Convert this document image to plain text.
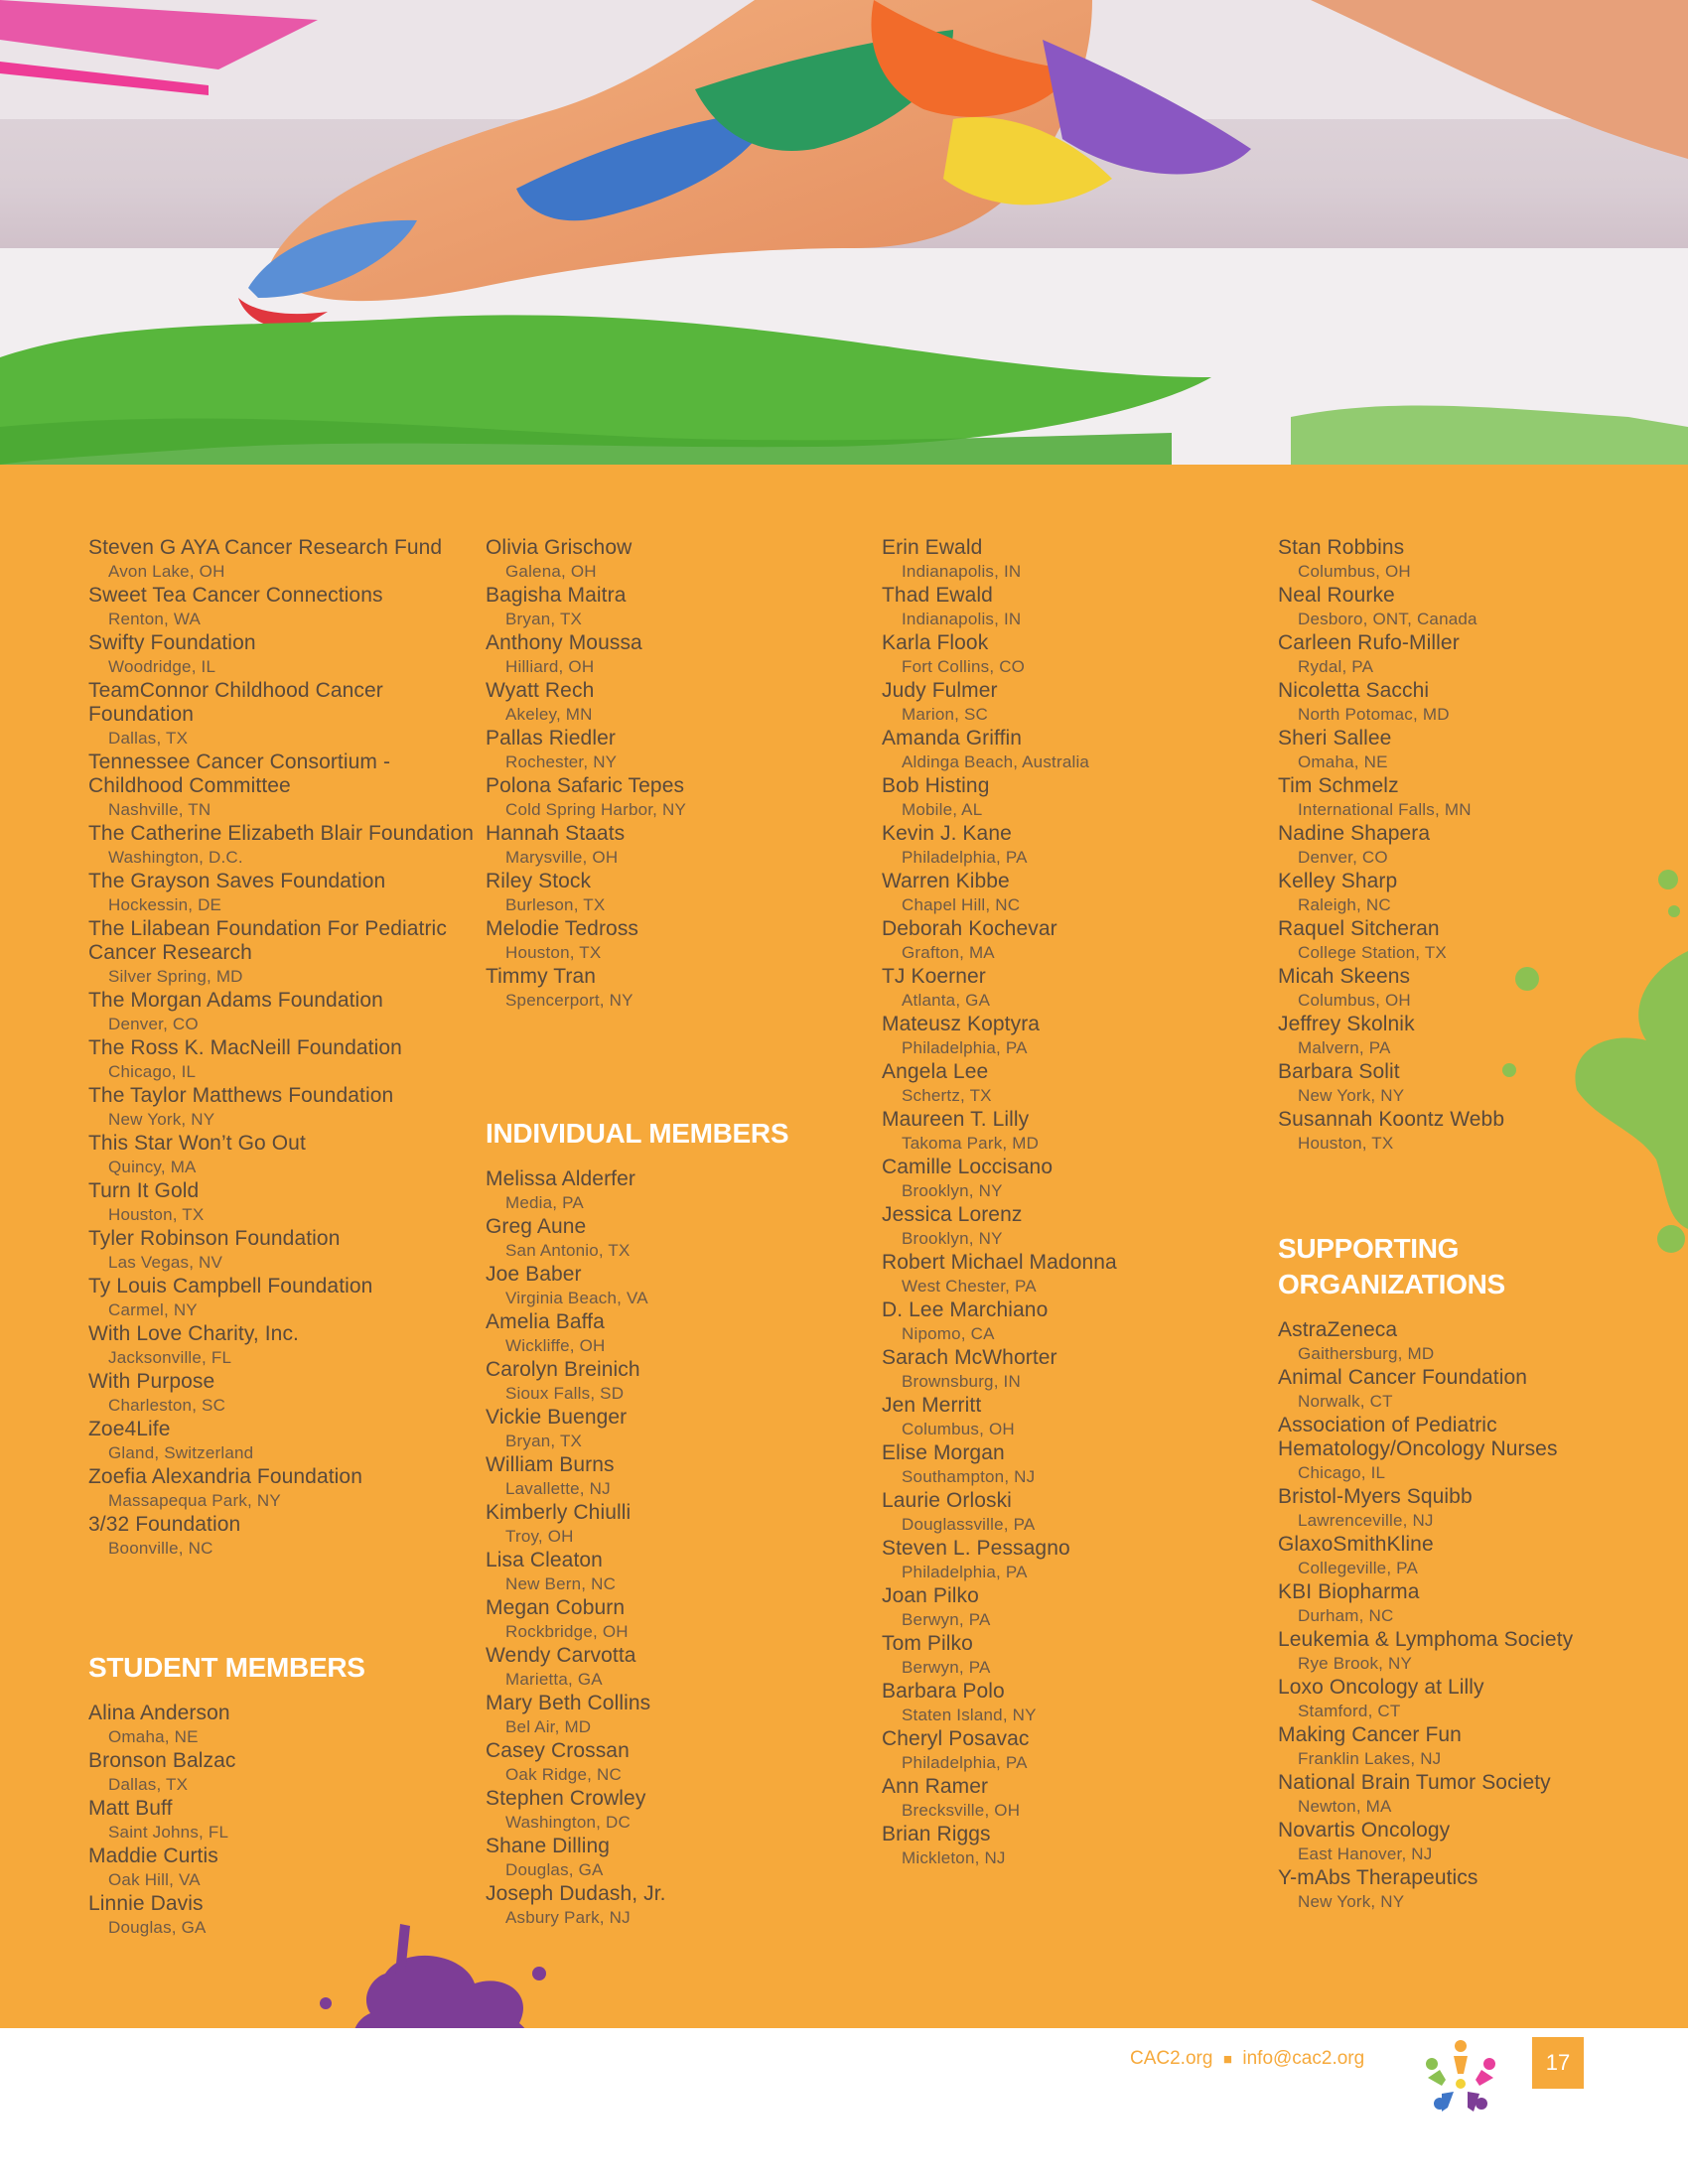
Steven G AYA Cancer Research Fund
Avon Lake, OH
Sweet Tea Cancer Connections
Renton, WA
Swifty Foundation
Woodridge, IL
TeamConnor Childhood Cancer Foundation
Dallas, TX
Tennessee Cancer Consortium - Childhood Committee
Nashville, TN
The Catherine Elizabeth Blair Foundation
Washington, D.C.
The Grayson Saves Foundation
Hockessin, DE
The Lilabean Foundation For Pediatric Cancer Research
Silver Spring, MD
The Morgan Adams Foundation
Denver, CO
The Ross K. MacNeill Foundation
Chicago, IL
The Taylor Matthews Foundation
New York, NY
This Star Won’t Go Out
Quincy, MA
Turn It Gold
Houston, TX
Tyler Robinson Foundation
Las Vegas, NV
Ty Louis Campbell Foundation
Carmel, NY
With Love Charity, Inc.
Jacksonville, FL
With Purpose
Charleston, SC
Zoe4Life
Gland, Switzerland
Zoefia Alexandria Foundation
Massapequa Park, NY
3/32 Foundation
Boonville, NC
STUDENT MEMBERS
Alina Anderson
Omaha, NE
Bronson Balzac
Dallas, TX
Matt Buff
Saint Johns, FL
Maddie Curtis
Oak Hill, VA
Linnie Davis
Douglas, GA
Olivia Grischow
Galena, OH
Bagisha Maitra
Bryan, TX
Anthony Moussa
Hilliard, OH
Wyatt Rech
Akeley, MN
Pallas Riedler
Rochester, NY
Polona Safaric Tepes
Cold Spring Harbor, NY
Hannah Staats
Marysville, OH
Riley Stock
Burleson, TX
Melodie Tedross
Houston, TX
Timmy Tran
Spencerport, NY
INDIVIDUAL MEMBERS
Melissa Alderfer
Media, PA
Greg Aune
San Antonio, TX
Joe Baber
Virginia Beach, VA
Amelia Baffa
Wickliffe, OH
Carolyn Breinich
Sioux Falls, SD
Vickie Buenger
Bryan, TX
William Burns
Lavallette, NJ
Kimberly Chiulli
Troy, OH
Lisa Cleaton
New Bern, NC
Megan Coburn
Rockbridge, OH
Wendy Carvotta
Marietta, GA
Mary Beth Collins
Bel Air, MD
Casey Crossan
Oak Ridge, NC
Stephen Crowley
Washington, DC
Shane Dilling
Douglas, GA
Joseph Dudash, Jr.
Asbury Park, NJ
Erin Ewald
Indianapolis, IN
Thad Ewald
Indianapolis, IN
Karla Flook
Fort Collins, CO
Judy Fulmer
Marion, SC
Amanda Griffin
Aldinga Beach, Australia
Bob Histing
Mobile, AL
Kevin J. Kane
Philadelphia, PA
Warren Kibbe
Chapel Hill, NC
Deborah Kochevar
Grafton, MA
TJ Koerner
Atlanta, GA
Mateusz Koptyra
Philadelphia, PA
Angela Lee
Schertz, TX
Maureen T. Lilly
Takoma Park, MD
Camille Loccisano
Brooklyn, NY
Jessica Lorenz
Brooklyn, NY
Robert Michael Madonna
West Chester, PA
D. Lee Marchiano
Nipomo, CA
Sarach McWhorter
Brownsburg, IN
Jen Merritt
Columbus, OH
Elise Morgan
Southampton, NJ
Laurie Orloski
Douglassville, PA
Steven L. Pessagno
Philadelphia, PA
Joan Pilko
Berwyn, PA
Tom Pilko
Berwyn, PA
Barbara Polo
Staten Island, NY
Cheryl Posavac
Philadelphia, PA
Ann Ramer
Brecksville, OH
Brian Riggs
Mickleton, NJ
Stan Robbins
Columbus, OH
Neal Rourke
Desboro, ONT, Canada
Carleen Rufo-Miller
Rydal, PA
Nicoletta Sacchi
North Potomac, MD
Sheri Sallee
Omaha, NE
Tim Schmelz
International Falls, MN
Nadine Shapera
Denver, CO
Kelley Sharp
Raleigh, NC
Raquel Sitcheran
College Station, TX
Micah Skeens
Columbus, OH
Jeffrey Skolnik
Malvern, PA
Barbara Solit
New York, NY
Susannah Koontz Webb
Houston, TX
SUPPORTING ORGANIZATIONS
AstraZeneca
Gaithersburg, MD
Animal Cancer Foundation
Norwalk, CT
Association of Pediatric Hematology/Oncology Nurses
Chicago, IL
Bristol-Myers Squibb
Lawrenceville, NJ
GlaxoSmithKline
Collegeville, PA
KBI Biopharma
Durham, NC
Leukemia & Lymphoma Society
Rye Brook, NY
Loxo Oncology at Lilly
Stamford, CT
Making Cancer Fun
Franklin Lakes, NJ
National Brain Tumor Society
Newton, MA
Novartis Oncology
East Hanover, NJ
Y-mAbs Therapeutics
New York, NY
CAC2.org ■ info@cac2.org	17
